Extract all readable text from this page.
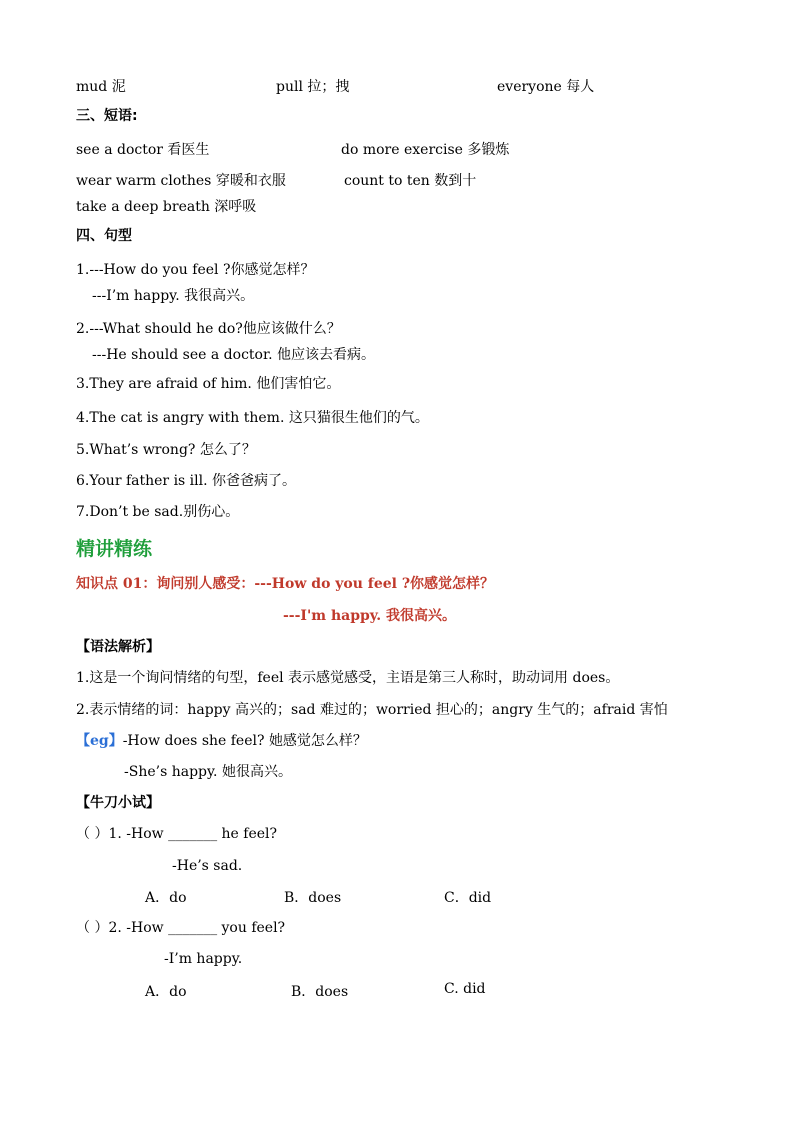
mud 泥	pull 拉；拽	everyone 每人
三、短语:
see a doctor 看医生	do more exercise 多锻炼
wear warm clothes 穿暖和衣服	count to ten 数到十
take a deep breath 深呼吸
四、句型
1.---How do you feel ?你感觉怎样？
---I’m happy. 我很高兴。
2.---What should he do?他应该做什么？
---He should see a doctor. 他应该去看病。
3.They are afraid of him. 他们害怕它。
4.The cat is angry with them. 这只猫很生他们的气。
5.What’s wrong? 怎么了？
6.Your father is ill. 你爸爸病了。
7.Don’t be sad.别伤心。
精讲精练
知识点 01：询问别人感受：---How do you feel ?你感觉怎样？
---I'm happy. 我很高兴。
【语法解析】
1.这是一个询问情绪的句型，feel 表示感觉感受，主语是第三人称时，助动词用 does。
2.表示情绪的词：happy 高兴的；sad 难过的；worried 担心的；angry 生气的；afraid 害怕
【eg】-How does she feel? 她感觉怎么样？
-She’s happy. 她很高兴。
【牛刀小试】
（ ）1. -How _______ he feel?
-He’s sad.
A．do	B．does	C．did
（ ）2. -How _______ you feel?
-I’m happy.
A．do	B．does	C. did
